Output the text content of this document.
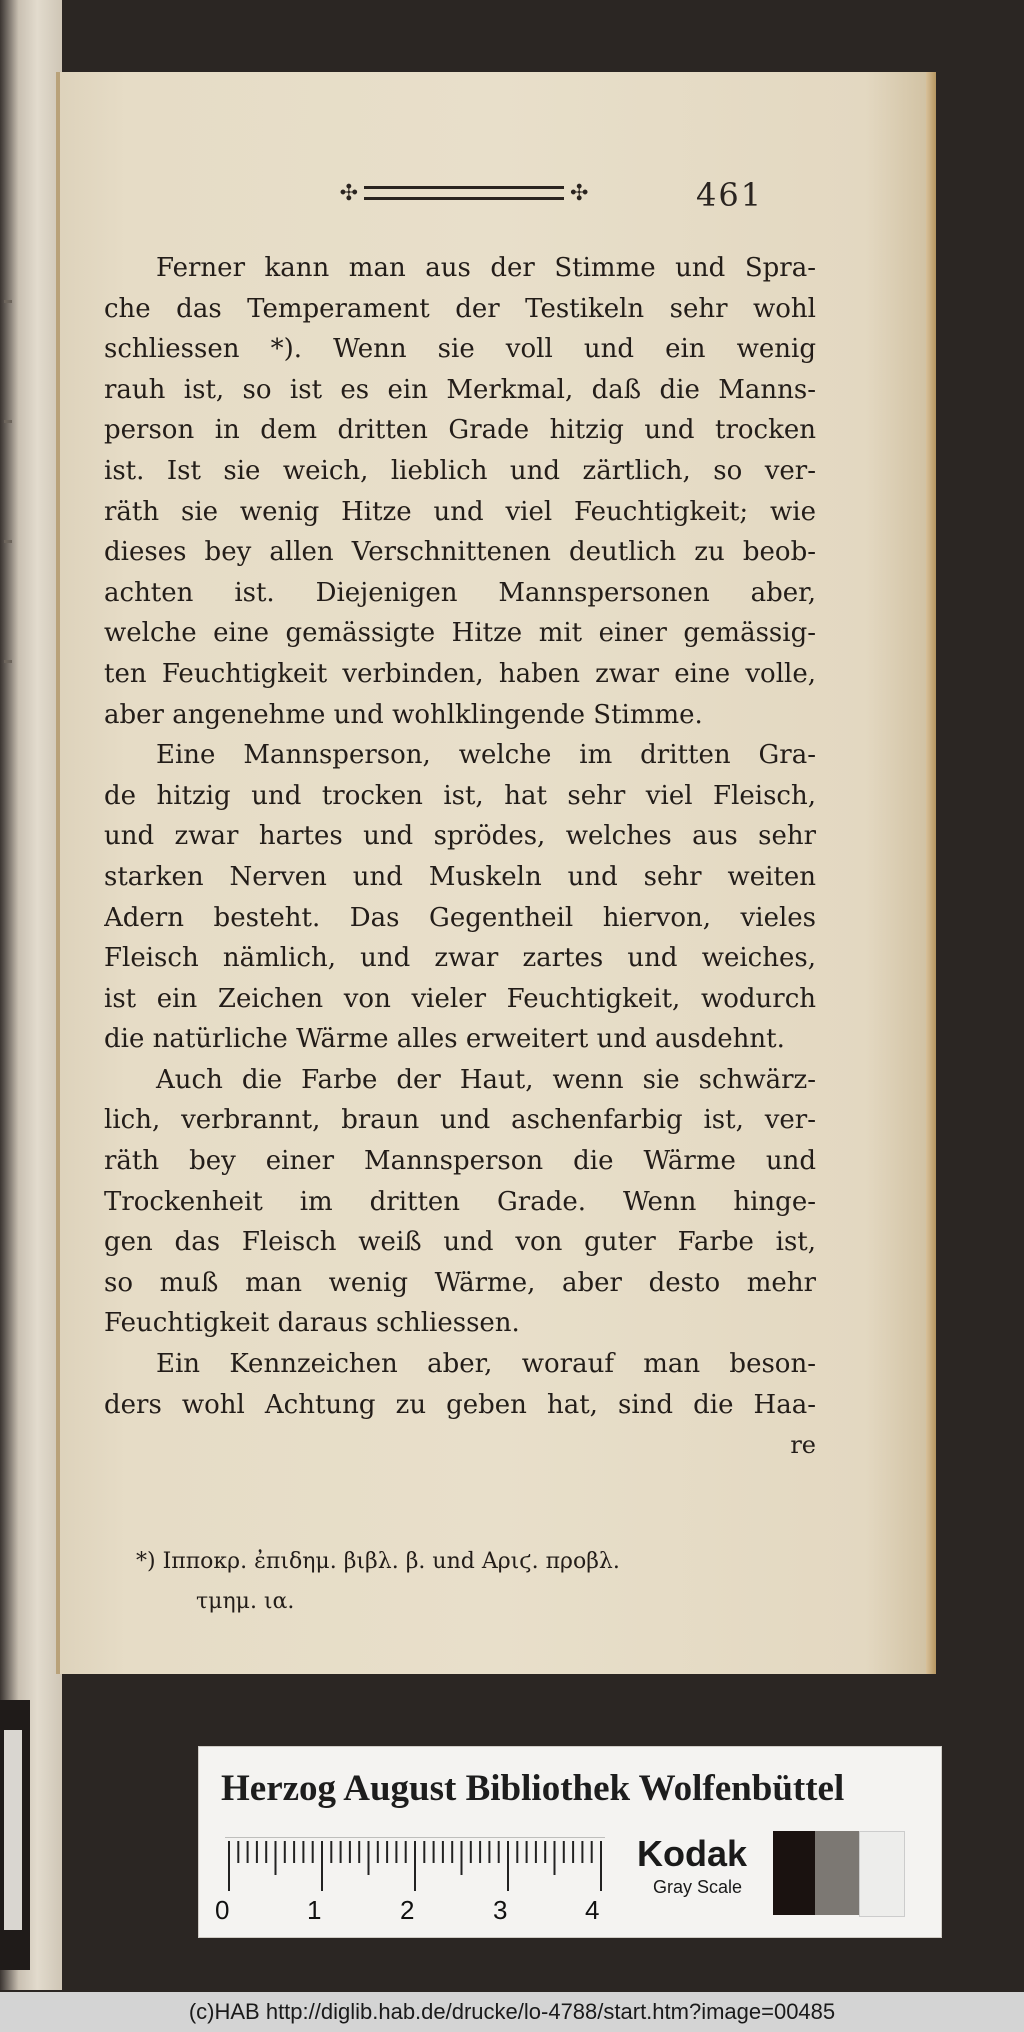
✣	✣	461
Ferner kann man aus der Stimme und Spra-
che das Temperament der Testikeln sehr wohl
schliessen *). Wenn sie voll und ein wenig
rauh ist, so ist es ein Merkmal, daß die Manns-
person in dem dritten Grade hitzig und trocken
ist. Ist sie weich, lieblich und zärtlich, so ver-
räth sie wenig Hitze und viel Feuchtigkeit; wie
dieses bey allen Verschnittenen deutlich zu beob-
achten ist. Diejenigen Mannspersonen aber,
welche eine gemässigte Hitze mit einer gemässig-
ten Feuchtigkeit verbinden, haben zwar eine volle,
aber angenehme und wohlklingende Stimme.
Eine Mannsperson, welche im dritten Gra-
de hitzig und trocken ist, hat sehr viel Fleisch,
und zwar hartes und sprödes, welches aus sehr
starken Nerven und Muskeln und sehr weiten
Adern besteht. Das Gegentheil hiervon, vieles
Fleisch nämlich, und zwar zartes und weiches,
ist ein Zeichen von vieler Feuchtigkeit, wodurch
die natürliche Wärme alles erweitert und ausdehnt.
Auch die Farbe der Haut, wenn sie schwärz-
lich, verbrannt, braun und aschenfarbig ist, ver-
räth bey einer Mannsperson die Wärme und
Trockenheit im dritten Grade. Wenn hinge-
gen das Fleisch weiß und von guter Farbe ist,
so muß man wenig Wärme, aber desto mehr
Feuchtigkeit daraus schliessen.
Ein Kennzeichen aber, worauf man beson-
ders wohl Achtung zu geben hat, sind die Haa-
re
*) Ιπποκρ. ἐπιδημ. βιβλ. β. und Αριϛ. προβλ.
τμημ. ια.
Herzog August Bibliothek Wolfenbüttel
0	1	2	3	4
Kodak
Gray Scale
(c)HAB http://diglib.hab.de/drucke/lo-4788/start.htm?image=00485
